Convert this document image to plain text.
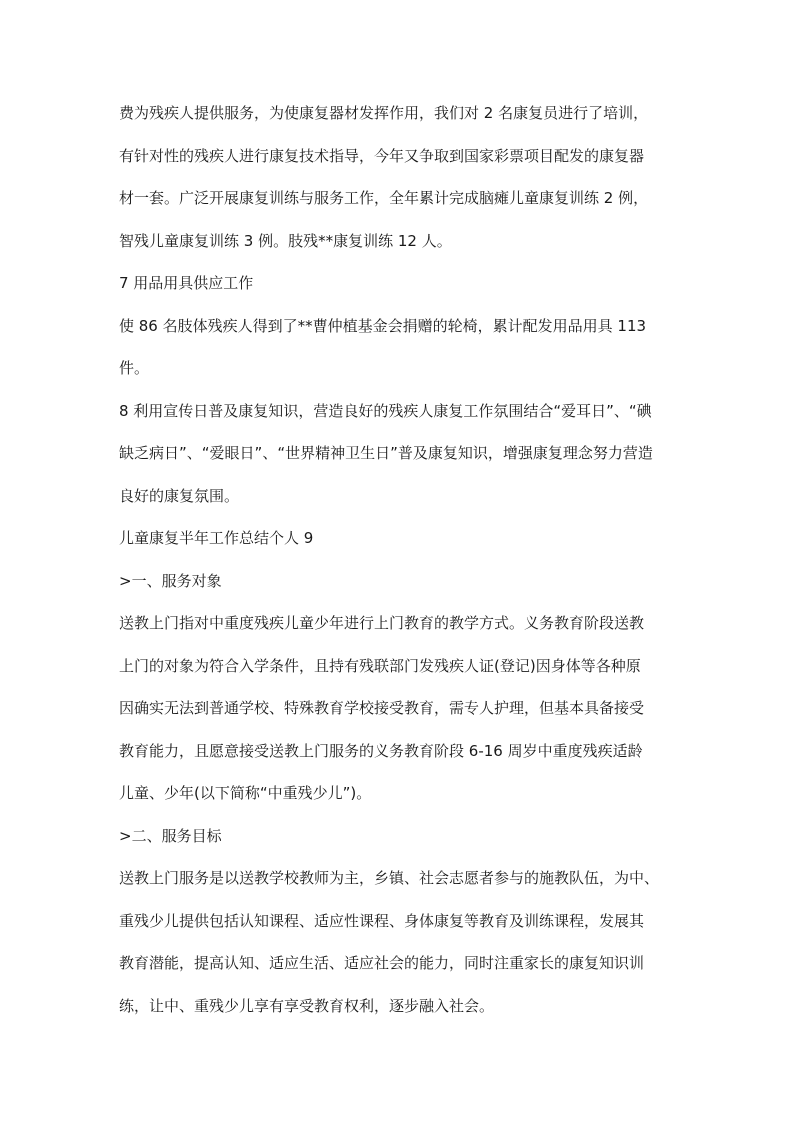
费为残疾人提供服务，为使康复器材发挥作用，我们对 2 名康复员进行了培训，

有针对性的残疾人进行康复技术指导，今年又争取到国家彩票项目配发的康复器

材一套。广泛开展康复训练与服务工作，全年累计完成脑瘫儿童康复训练 2 例，

智残儿童康复训练 3 例。肢残**康复训练 12 人。

7 用品用具供应工作

使 86 名肢体残疾人得到了**曹仲植基金会捐赠的轮椅，累计配发用品用具 113

件。

8 利用宣传日普及康复知识，营造良好的残疾人康复工作氛围结合“爱耳日”、“碘

缺乏病日”、“爱眼日”、“世界精神卫生日”普及康复知识，增强康复理念努力营造

良好的康复氛围。

儿童康复半年工作总结个人 9

>一、服务对象

送教上门指对中重度残疾儿童少年进行上门教育的教学方式。义务教育阶段送教

上门的对象为符合入学条件，且持有残联部门发残疾人证(登记)因身体等各种原

因确实无法到普通学校、特殊教育学校接受教育，需专人护理，但基本具备接受

教育能力，且愿意接受送教上门服务的义务教育阶段 6-16 周岁中重度残疾适龄

儿童、少年(以下简称“中重残少儿”)。

>二、服务目标

送教上门服务是以送教学校教师为主，乡镇、社会志愿者参与的施教队伍，为中、

重残少儿提供包括认知课程、适应性课程、身体康复等教育及训练课程，发展其

教育潜能，提高认知、适应生活、适应社会的能力，同时注重家长的康复知识训

练，让中、重残少儿享有享受教育权利，逐步融入社会。
